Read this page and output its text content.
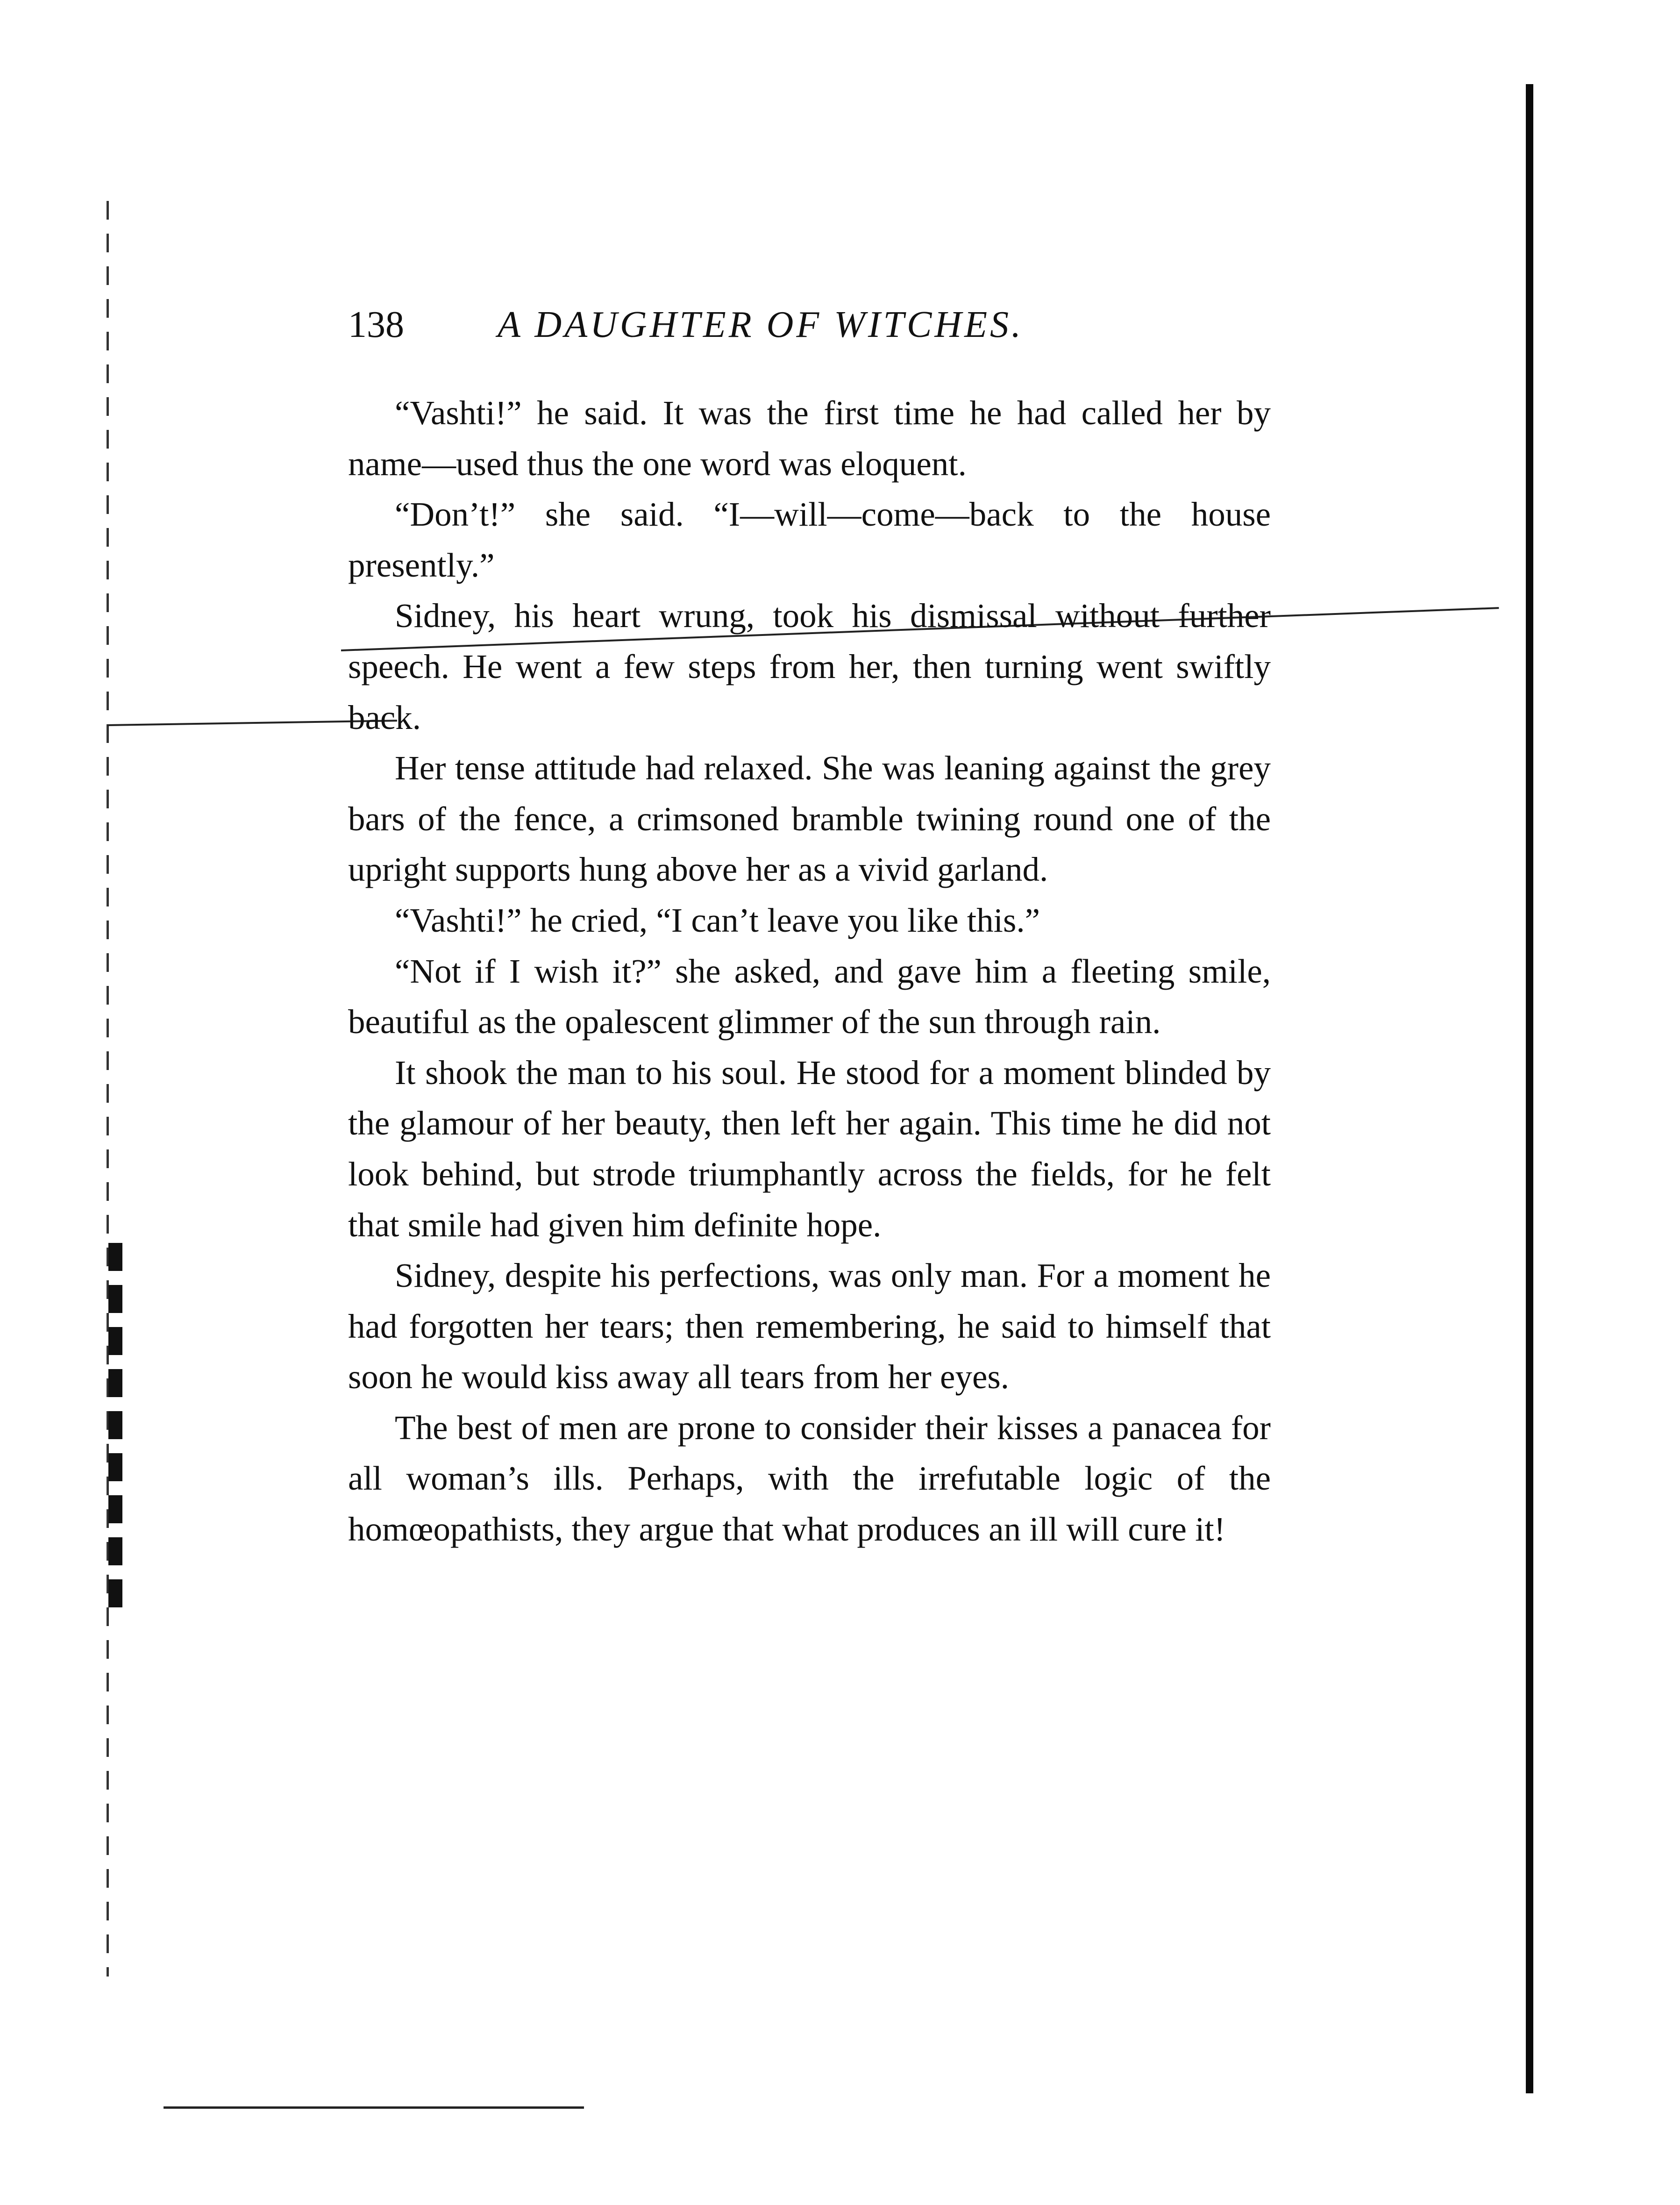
138	A DAUGHTER OF WITCHES.

“Vashti!” he said. It was the first time he had called her by name—used thus the one word was eloquent.

“Don’t!” she said. “I—will—come—back to the house presently.”

Sidney, his heart wrung, took his dismissal without further speech. He went a few steps from her, then turning went swiftly back.

Her tense attitude had relaxed. She was leaning against the grey bars of the fence, a crimsoned bramble twining round one of the upright supports hung above her as a vivid garland.

“Vashti!” he cried, “I can’t leave you like this.”

“Not if I wish it?” she asked, and gave him a fleeting smile, beautiful as the opalescent glimmer of the sun through rain.

It shook the man to his soul. He stood for a moment blinded by the glamour of her beauty, then left her again. This time he did not look behind, but strode triumphantly across the fields, for he felt that smile had given him definite hope.

Sidney, despite his perfections, was only man. For a moment he had forgotten her tears; then remembering, he said to himself that soon he would kiss away all tears from her eyes.

The best of men are prone to consider their kisses a panacea for all woman’s ills. Perhaps, with the irrefutable logic of the homœopathists, they argue that what produces an ill will cure it!
